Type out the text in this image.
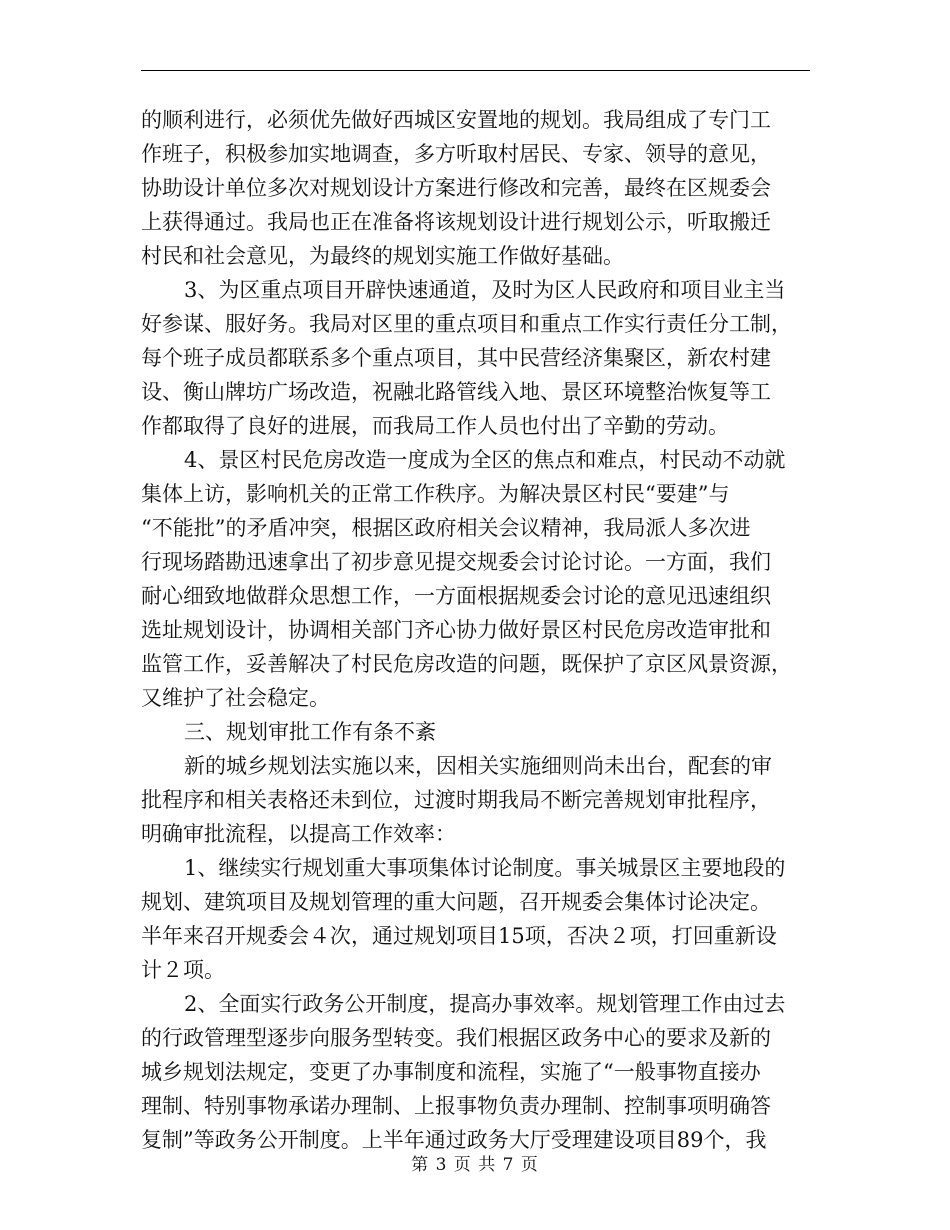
的顺利进行，必须优先做好西城区安置地的规划。我局组成了专门工
作班子，积极参加实地调查，多方听取村居民、专家、领导的意见，
协助设计单位多次对规划设计方案进行修改和完善，最终在区规委会
上获得通过。我局也正在准备将该规划设计进行规划公示，听取搬迁
村民和社会意见，为最终的规划实施工作做好基础。
3、为区重点项目开辟快速通道，及时为区人民政府和项目业主当
好参谋、服好务。我局对区里的重点项目和重点工作实行责任分工制，
每个班子成员都联系多个重点项目，其中民营经济集聚区，新农村建
设、衡山牌坊广场改造，祝融北路管线入地、景区环境整治恢复等工
作都取得了良好的进展，而我局工作人员也付出了辛勤的劳动。
4、景区村民危房改造一度成为全区的焦点和难点，村民动不动就
集体上访，影响机关的正常工作秩序。为解决景区村民“要建”与
“不能批”的矛盾冲突，根据区政府相关会议精神，我局派人多次进
行现场踏勘迅速拿出了初步意见提交规委会讨论讨论。一方面，我们
耐心细致地做群众思想工作，一方面根据规委会讨论的意见迅速组织
选址规划设计，协调相关部门齐心协力做好景区村民危房改造审批和
监管工作，妥善解决了村民危房改造的问题，既保护了京区风景资源，
又维护了社会稳定。
三、规划审批工作有条不紊
新的城乡规划法实施以来，因相关实施细则尚未出台，配套的审
批程序和相关表格还未到位，过渡时期我局不断完善规划审批程序，
明确审批流程，以提高工作效率：
1、继续实行规划重大事项集体讨论制度。事关城景区主要地段的
规划、建筑项目及规划管理的重大问题，召开规委会集体讨论决定。
半年来召开规委会４次，通过规划项目15项，否决２项，打回重新设
计２项。
2、全面实行政务公开制度，提高办事效率。规划管理工作由过去
的行政管理型逐步向服务型转变。我们根据区政务中心的要求及新的
城乡规划法规定，变更了办事制度和流程，实施了“一般事物直接办
理制、特别事物承诺办理制、上报事物负责办理制、控制事项明确答
复制”等政务公开制度。上半年通过政务大厅受理建设项目89个，我
第 3 页 共 7 页
